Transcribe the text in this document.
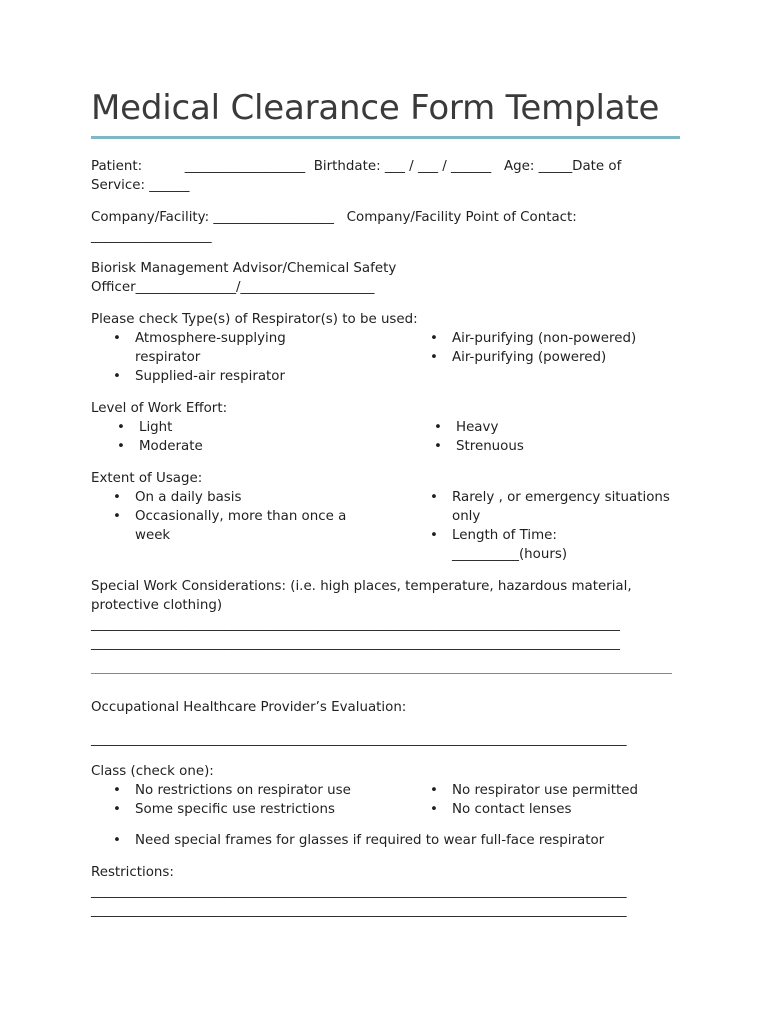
Medical Clearance Form Template
Patient:          __________________  Birthdate: ___ / ___ / ______   Age: _____Date of
Service: ______
Company/Facility: __________________   Company/Facility Point of Contact:
__________________
Biorisk Management Advisor/Chemical Safety
Officer_______________/____________________
Please check Type(s) of Respirator(s) to be used:
• Atmosphere-supplying
respirator
• Supplied-air respirator
• Air-purifying (non-powered)
• Air-purifying (powered)
Level of Work Effort:
• Light
• Moderate
• Heavy
• Strenuous
Extent of Usage:
• On a daily basis
• Occasionally, more than once a
week
• Rarely , or emergency situations
only
• Length of Time:
__________(hours)
Special Work Considerations: (i.e. high places, temperature, hazardous material,
protective clothing)
_______________________________________________________________________________
_______________________________________________________________________________
Occupational Healthcare Provider’s Evaluation:
________________________________________________________________________________
Class (check one):
• No restrictions on respirator use
• Some specific use restrictions
• No respirator use permitted
• No contact lenses
• Need special frames for glasses if required to wear full-face respirator
Restrictions:
________________________________________________________________________________
________________________________________________________________________________
